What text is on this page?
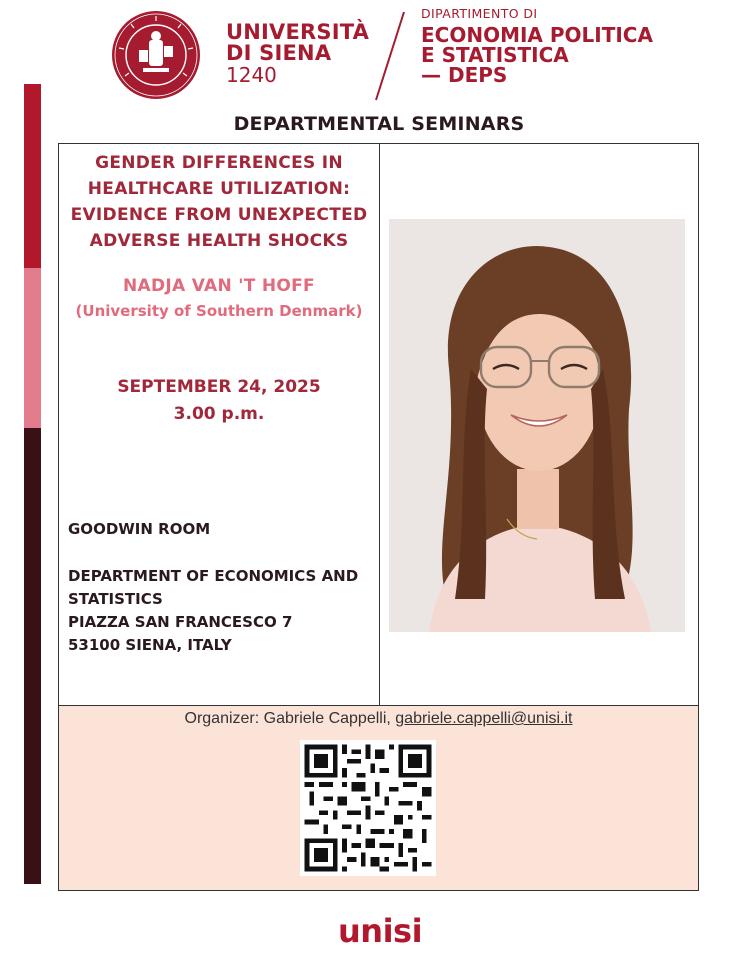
UNIVERSITÀ
DI SIENA
1240
DIPARTIMENTO DI
ECONOMIA POLITICA
E STATISTICA
— DEPS
DEPARTMENTAL SEMINARS
GENDER DIFFERENCES IN
HEALTHCARE UTILIZATION:
EVIDENCE FROM UNEXPECTED
ADVERSE HEALTH SHOCKS
NADJA VAN 'T HOFF
(University of Southern Denmark)
SEPTEMBER 24, 2025
3.00 p.m.
GOODWIN ROOM
DEPARTMENT OF ECONOMICS AND
STATISTICS
PIAZZA SAN FRANCESCO 7
53100 SIENA, ITALY
Organizer: Gabriele Cappelli, gabriele.cappelli@unisi.it
unisi
